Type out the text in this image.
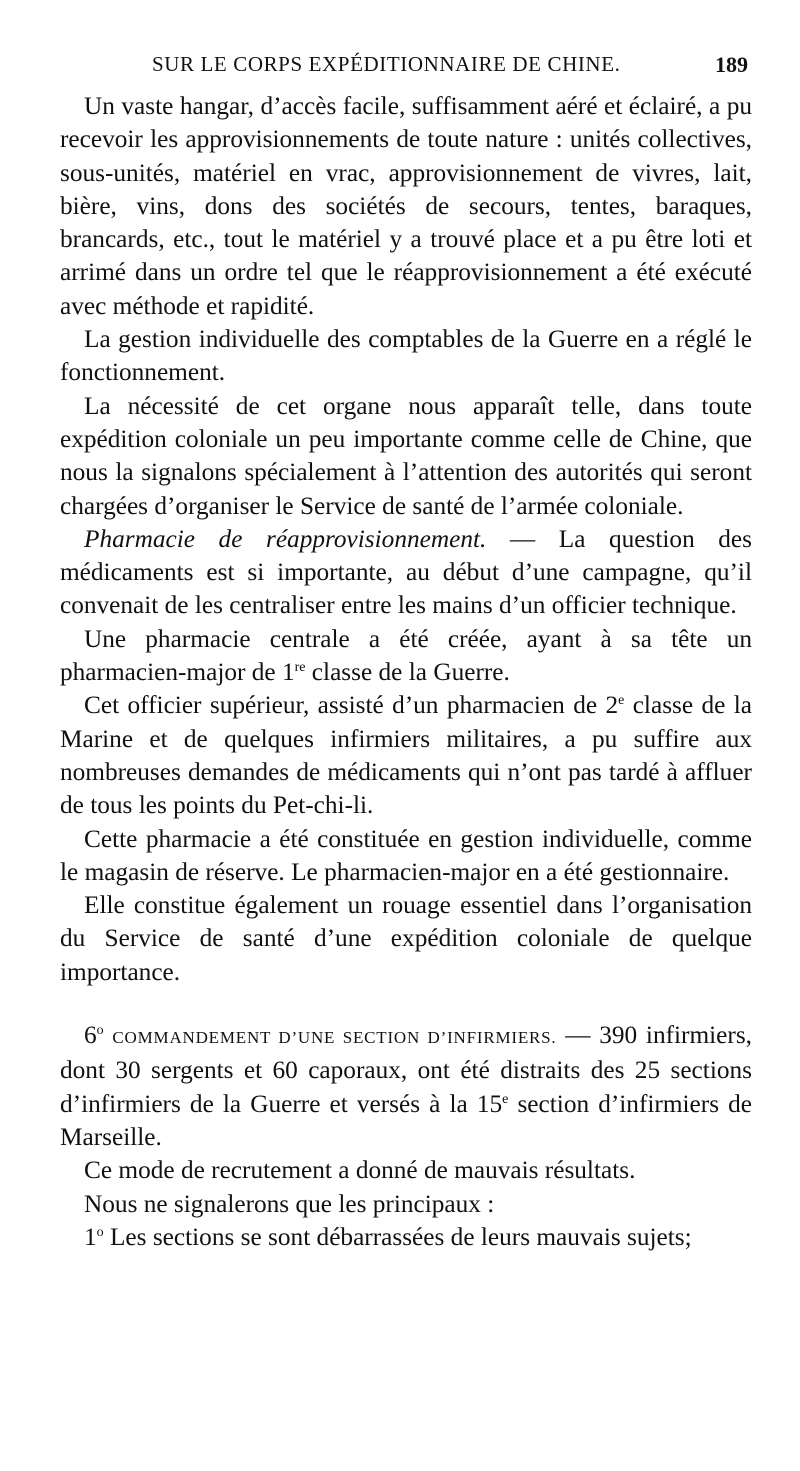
SUR LE CORPS EXPÉDITIONNAIRE DE CHINE.	189

Un vaste hangar, d’accès facile, suffisamment aéré et éclairé, a pu recevoir les approvisionnements de toute nature : unités collectives, sous-unités, matériel en vrac, approvisionnement de vivres, lait, bière, vins, dons des sociétés de secours, tentes, baraques, brancards, etc., tout le matériel y a trouvé place et a pu être loti et arrimé dans un ordre tel que le réapprovisionnement a été exécuté avec méthode et rapidité.

La gestion individuelle des comptables de la Guerre en a réglé le fonctionnement.

La nécessité de cet organe nous apparaît telle, dans toute expédition coloniale un peu importante comme celle de Chine, que nous la signalons spécialement à l’attention des autorités qui seront chargées d’organiser le Service de santé de l’armée coloniale.

Pharmacie de réapprovisionnement. — La question des médicaments est si importante, au début d’une campagne, qu’il convenait de les centraliser entre les mains d’un officier technique.

Une pharmacie centrale a été créée, ayant à sa tête un pharmacien-major de 1re classe de la Guerre.

Cet officier supérieur, assisté d’un pharmacien de 2e classe de la Marine et de quelques infirmiers militaires, a pu suffire aux nombreuses demandes de médicaments qui n’ont pas tardé à affluer de tous les points du Pet-chi-li.

Cette pharmacie a été constituée en gestion individuelle, comme le magasin de réserve. Le pharmacien-major en a été gestionnaire.

Elle constitue également un rouage essentiel dans l’organisation du Service de santé d’une expédition coloniale de quelque importance.

6$^o$ COMMANDEMENT D’UNE SECTION D’INFIRMIERS. — 390 infirmiers, dont 30 sergents et 60 caporaux, ont été distraits des 25 sections d’infirmiers de la Guerre et versés à la 15e section d’infirmiers de Marseille.

Ce mode de recrutement a donné de mauvais résultats.

Nous ne signalerons que les principaux :

1$^o$ Les sections se sont débarrassées de leurs mauvais sujets;
